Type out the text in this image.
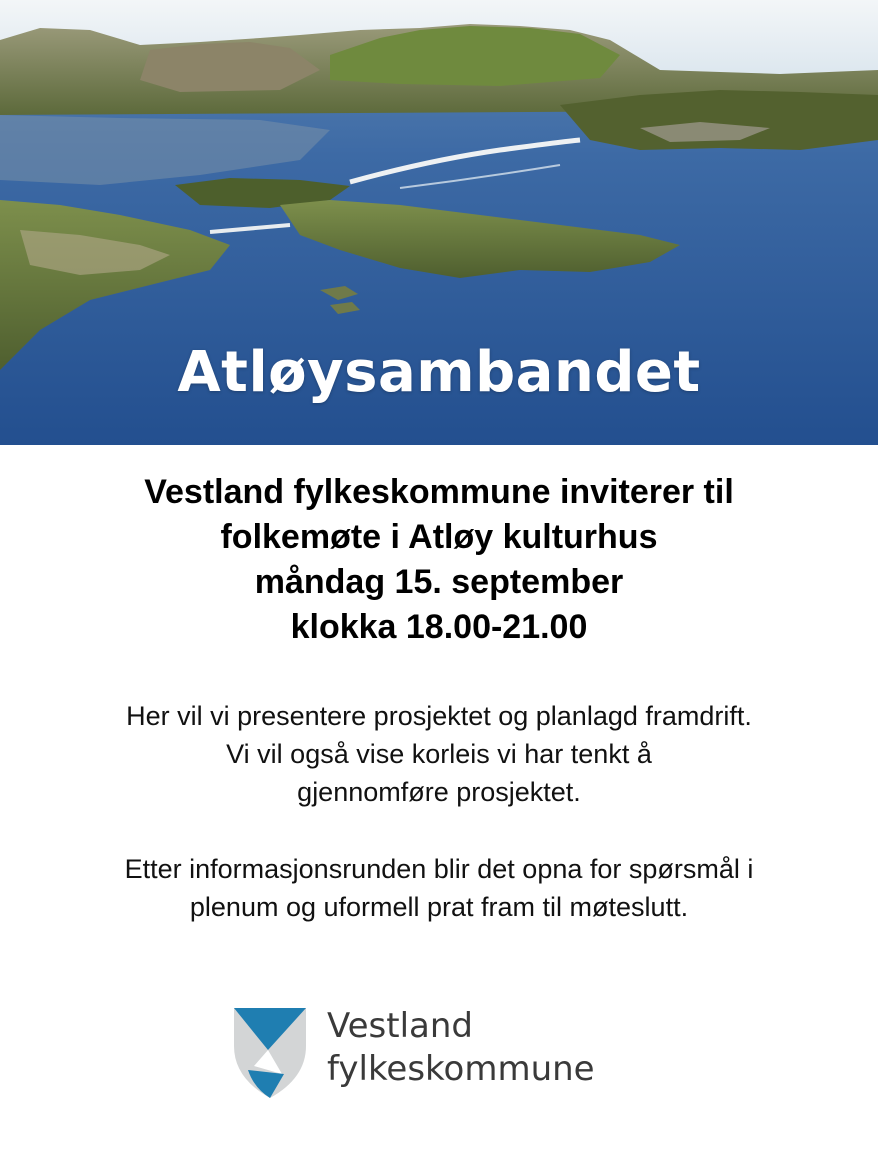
Atløysambandet
Vestland fylkeskommune inviterer til
folkemøte i Atløy kulturhus
måndag 15. september
klokka 18.00-21.00
Her vil vi presentere prosjektet og planlagd framdrift.
Vi vil også vise korleis vi har tenkt å
gjennomføre prosjektet.
Etter informasjonsrunden blir det opna for spørsmål i
plenum og uformell prat fram til møteslutt.
Vestland
fylkeskommune
